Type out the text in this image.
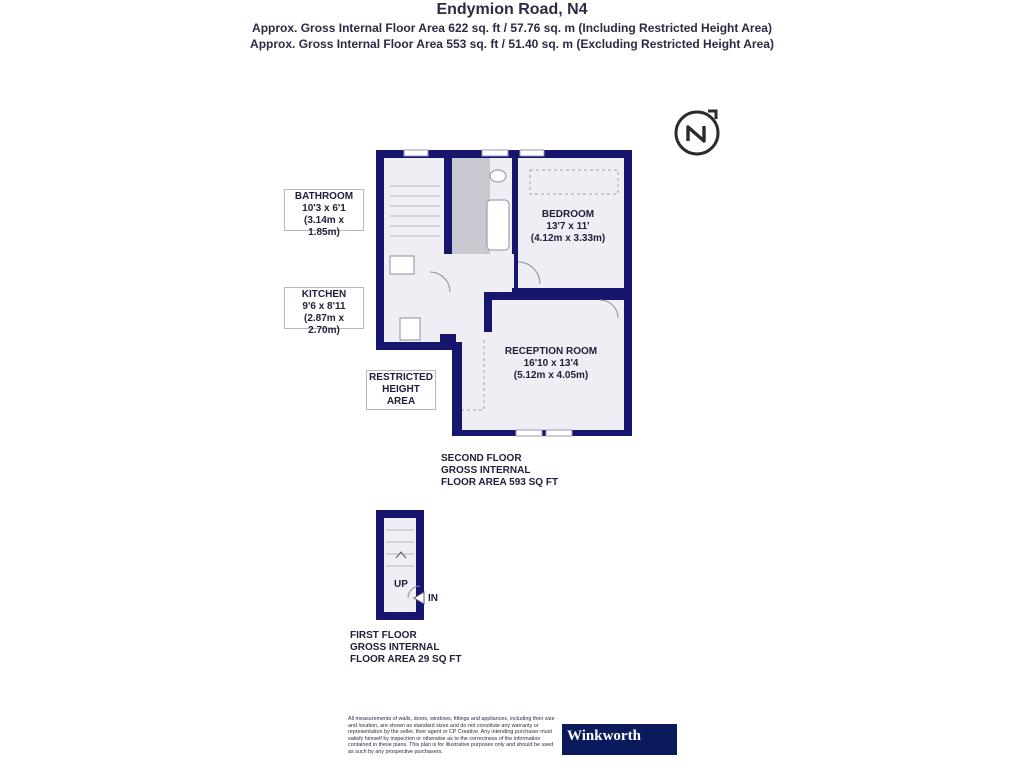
Endymion Road, N4
Approx. Gross Internal Floor Area 622 sq. ft / 57.76 sq. m (Including Restricted Height Area)
Approx. Gross Internal Floor Area 553 sq. ft / 51.40 sq. m (Excluding Restricted Height Area)
BATHROOM
10'3 x 6'1
(3.14m x 1.85m)
KITCHEN
9'6 x 8'11
(2.87m x 2.70m)
RESTRICTED
HEIGHT
AREA
BEDROOM
13'7 x 11'
(4.12m x 3.33m)
RECEPTION ROOM
16'10 x 13'4
(5.12m x 4.05m)
UP
IN
SECOND FLOOR
GROSS INTERNAL
FLOOR AREA 593 SQ FT
FIRST FLOOR
GROSS INTERNAL
FLOOR AREA 29 SQ FT
All measurements of walls, doors, windows, fittings and appliances, including their size and location, are shown as standard sizes and do not constitute any warranty or representation by the seller, their agent or CP Creative. Any intending purchaser must satisfy himself by inspection or otherwise as to the correctness of the information contained in these plans. This plan is for illustrative purposes only and should be used as such by any prospective purchasers.
Winkworth
